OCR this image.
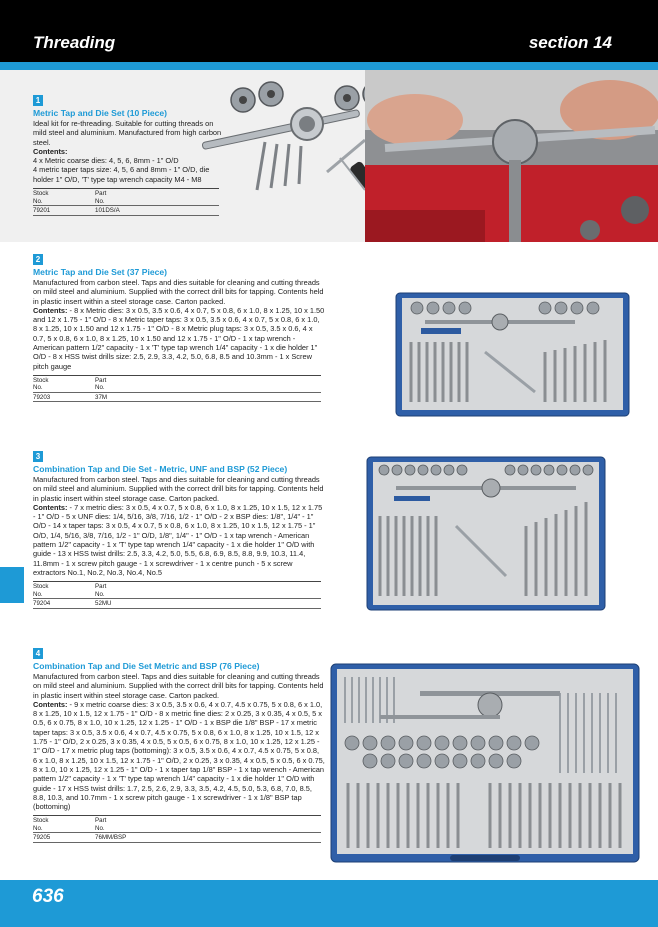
Threading	section 14
1
Metric Tap and Die Set (10 Piece)
Ideal kit for re-threading. Suitable for cutting threads on mild steel and aluminium. Manufactured from high carbon steel.
Contents:
4 x Metric coarse dies: 4, 5, 6, 8mm - 1" O/D
4 metric taper taps size: 4, 5, 6 and 8mm - 1" O/D, die holder 1" O/D, 'T' type tap wrench capacity M4 - M8
Stock
No.	Part
No.
79201	101DS/A
2
Metric Tap and Die Set (37 Piece)
Manufactured from carbon steel. Taps and dies suitable for cleaning and cutting threads on mild steel and aluminium. Supplied with the correct drill bits for tapping. Contents held in plastic insert within a steel storage case. Carton packed.
Contents: - 8 x Metric dies: 3 x 0.5, 3.5 x 0.6, 4 x 0.7, 5 x 0.8, 6 x 1.0, 8 x 1.25, 10 x 1.50 and 12 x 1.75 - 1" O/D - 8 x Metric taper taps: 3 x 0.5, 3.5 x 0.6, 4 x 0.7, 5 x 0.8, 6 x 1.0, 8 x 1.25, 10 x 1.50 and 12 x 1.75 - 1" O/D - 8 x Metric plug taps: 3 x 0.5, 3.5 x 0.6, 4 x 0.7, 5 x 0.8, 6 x 1.0, 8 x 1.25, 10 x 1.50 and 12 x 1.75 - 1" O/D - 1 x tap wrench - American pattern 1/2" capacity - 1 x 'T' type tap wrench 1/4" capacity - 1 x die holder 1" O/D - 8 x HSS twist drills size: 2.5, 2.9, 3.3, 4.2, 5.0, 6.8, 8.5 and 10.3mm - 1 x Screw pitch gauge
Stock
No.	Part
No.
79203	37M
3
Combination Tap and Die Set - Metric, UNF and BSP (52 Piece)
Manufactured from carbon steel. Taps and dies suitable for cleaning and cutting threads on mild steel and aluminium. Supplied with the correct drill bits for tapping. Contents held in plastic insert within steel storage case. Carton packed.
Contents: - 7 x metric dies: 3 x 0.5, 4 x 0.7, 5 x 0.8, 6 x 1.0, 8 x 1.25, 10 x 1.5, 12 x 1.75 - 1" O/D - 5 x UNF dies: 1/4, 5/16, 3/8, 7/16, 1/2 - 1" O/D - 2 x BSP dies: 1/8", 1/4" - 1" O/D - 14 x taper taps: 3 x 0.5, 4 x 0.7, 5 x 0.8, 6 x 1.0, 8 x 1.25, 10 x 1.5, 12 x 1.75 - 1" O/D, 1/4, 5/16, 3/8, 7/16, 1/2 - 1" O/D, 1/8", 1/4" - 1" O/D - 1 x tap wrench - American pattern 1/2" capacity - 1 x 'T' type tap wrench 1/4" capacity - 1 x die holder 1" O/D with guide - 13 x HSS twist drills: 2.5, 3.3, 4.2, 5.0, 5.5, 6.8, 6.9, 8.5, 8.8, 9.9, 10.3, 11.4, 11.8mm - 1 x screw pitch gauge - 1 x screwdriver - 1 x centre punch - 5 x screw extractors No.1, No.2, No.3, No.4, No.5
Stock
No.	Part
No.
79204	52MU
4
Combination Tap and Die Set Metric and BSP (76 Piece)
Manufactured from carbon steel. Taps and dies suitable for cleaning and cutting threads on mild steel and aluminium. Supplied with the correct drill bits for tapping. Contents held in plastic insert within steel storage case. Carton packed.
Contents: - 9 x metric coarse dies: 3 x 0.5, 3.5 x 0.6, 4 x 0.7, 4.5 x 0.75, 5 x 0.8, 6 x 1.0, 8 x 1.25, 10 x 1.5, 12 x 1.75 - 1" O/D - 8 x metric fine dies: 2 x 0.25, 3 x 0.35, 4 x 0.5, 5 x 0.5, 6 x 0.75, 8 x 1.0, 10 x 1.25, 12 x 1.25 - 1" O/D - 1 x BSP die 1/8" BSP - 17 x metric taper taps: 3 x 0.5, 3.5 x 0.6, 4 x 0.7, 4.5 x 0.75, 5 x 0.8, 6 x 1.0, 8 x 1.25, 10 x 1.5, 12 x 1.75 - 1" O/D, 2 x 0.25, 3 x 0.35, 4 x 0.5, 5 x 0.5, 6 x 0.75, 8 x 1.0, 10 x 1.25, 12 x 1.25 - 1" O/D - 17 x metric plug taps (bottoming): 3 x 0.5, 3.5 x 0.6, 4 x 0.7, 4.5 x 0.75, 5 x 0.8, 6 x 1.0, 8 x 1.25, 10 x 1.5, 12 x 1.75 - 1" O/D, 2 x 0.25, 3 x 0.35, 4 x 0.5, 5 x 0.5, 6 x 0.75, 8 x 1.0, 10 x 1.25, 12 x 1.25 - 1" O/D - 1 x taper tap 1/8" BSP - 1 x tap wrench - American pattern 1/2" capacity - 1 x 'T' type tap wrench 1/4" capacity - 1 x die holder 1" O/D with guide - 17 x HSS twist drills: 1.7, 2.5, 2.6, 2.9, 3.3, 3.5, 4.2, 4.5, 5.0, 5.3, 6.8, 7.0, 8.5, 8.8, 10.3, and 10.7mm - 1 x screw pitch gauge - 1 x screwdriver - 1 x 1/8" BSP tap (bottoming)
Stock
No.	Part
No.
79205	76MM/BSP
636
